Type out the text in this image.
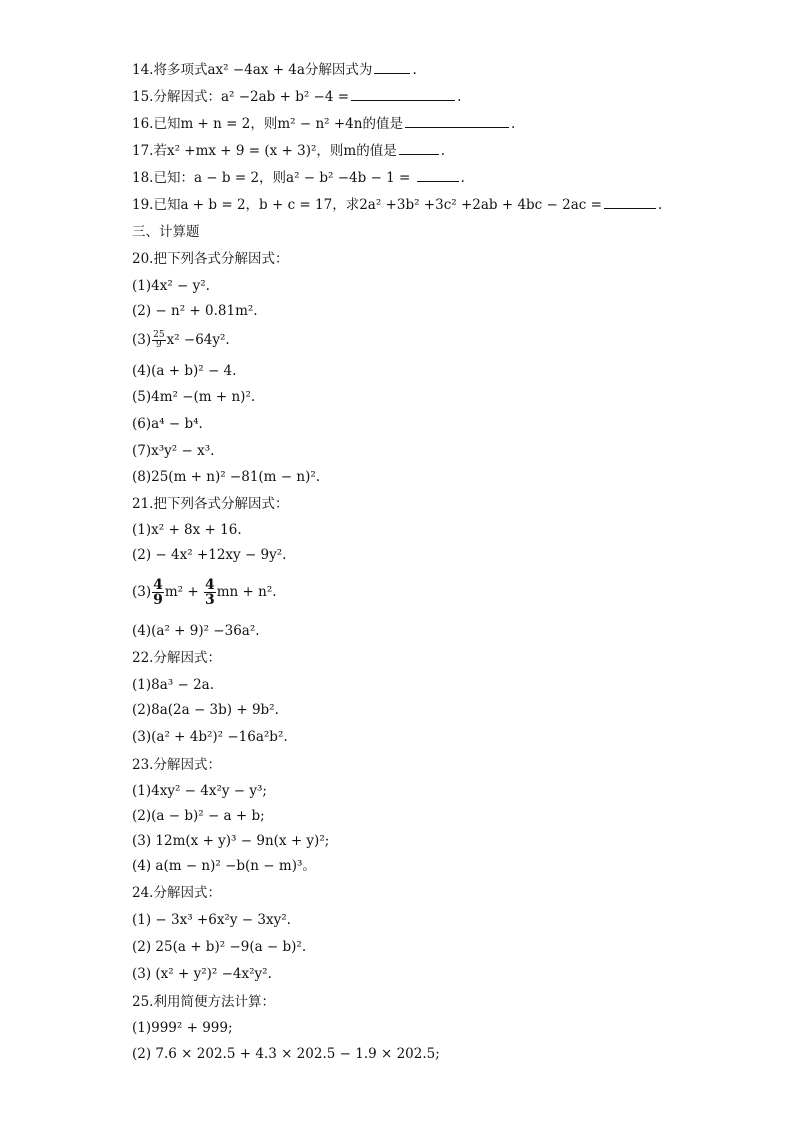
14.将多项式ax² −4ax + 4a分解因式为	.
15.分解因式：a² −2ab + b² −4 =	.
16.已知m + n = 2，则m² − n² +4n的值是	.
17.若x² +mx + 9 = (x + 3)²，则m的值是	.
18.已知：a − b = 2，则a² − b² −4b − 1 =	.
19.已知a + b = 2，b + c = 17，求2a² +3b² +3c² +2ab + 4bc − 2ac =	.
三、计算题
20.把下列各式分解因式：
(1)4x² − y².
(2) − n² + 0.81m².
$(3) \frac{25}{9} x^2 -64y^2$.
(4)(a + b)² − 4.
(5)4m² −(m + n)².
(6)a⁴ − b⁴.
(7)x³y² − x³.
(8)25(m + n)² −81(m − n)².
21.把下列各式分解因式：
(1)x² + 8x + 16.
(2) − 4x² +12xy − 9y².
$(3) \frac{4}{9} m^2 + \frac{4}{3}$ mn + n².
(4)(a² + 9)² −36a².
22.分解因式：
(1)8a³ − 2a.
(2)8a(2a − 3b) + 9b².
(3)(a² + 4b²)² −16a²b².
23.分解因式：
(1)4xy² − 4x²y − y³;
(2)(a − b)² − a + b;
(3) 12m(x + y)³ − 9n(x + y)²;
(4) a(m − n)² −b(n − m)³。
24.分解因式：
(1) − 3x³ +6x²y − 3xy².
(2) 25(a + b)² −9(a − b)².
(3) (x² + y²)² −4x²y².
25.利用简便方法计算：
(1)999² + 999;
(2) 7.6 × 202.5 + 4.3 × 202.5 − 1.9 × 202.5;
